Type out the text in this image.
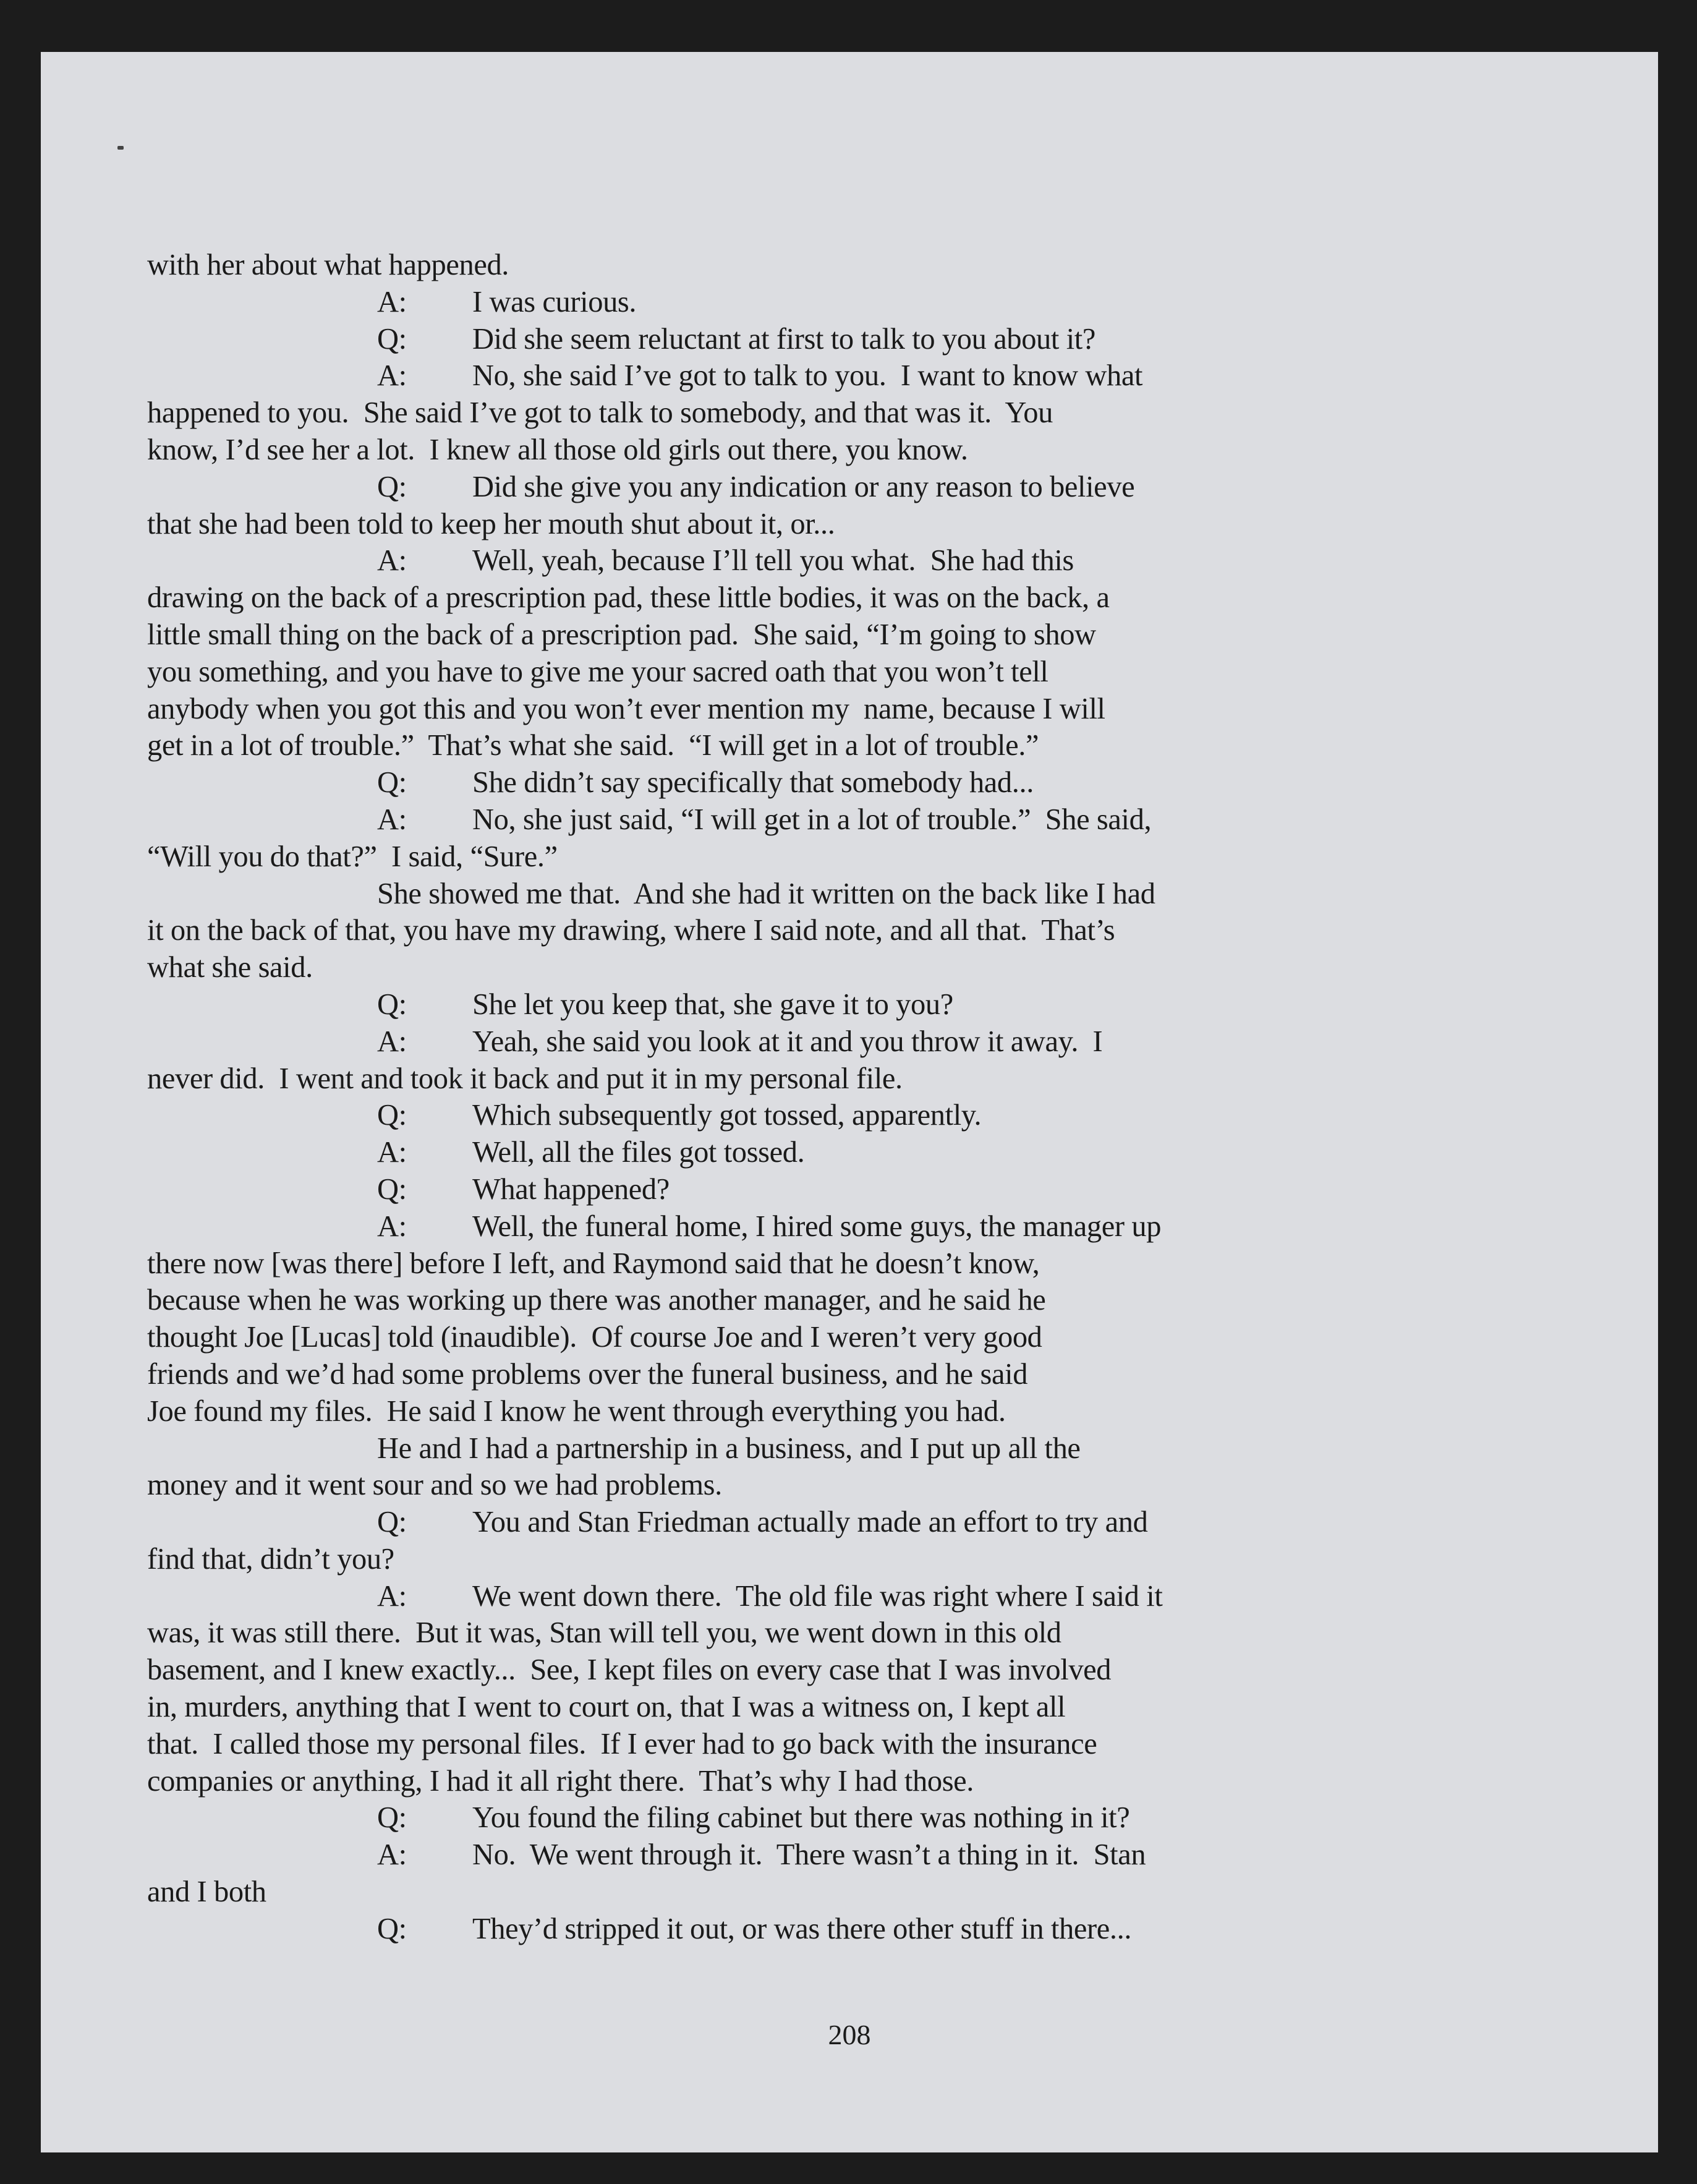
with her about what happened.
A: I was curious.
Q: Did she seem reluctant at first to talk to you about it?
A: No, she said I’ve got to talk to you.  I want to know what
happened to you.  She said I’ve got to talk to somebody, and that was it.  You
know, I’d see her a lot.  I knew all those old girls out there, you know.
Q: Did she give you any indication or any reason to believe
that she had been told to keep her mouth shut about it, or...
A: Well, yeah, because I’ll tell you what.  She had this
drawing on the back of a prescription pad, these little bodies, it was on the back, a
little small thing on the back of a prescription pad.  She said, “I’m going to show
you something, and you have to give me your sacred oath that you won’t tell
anybody when you got this and you won’t ever mention my  name, because I will
get in a lot of trouble.”  That’s what she said.  “I will get in a lot of trouble.”
Q: She didn’t say specifically that somebody had...
A: No, she just said, “I will get in a lot of trouble.”  She said,
“Will you do that?”  I said, “Sure.”
She showed me that.  And she had it written on the back like I had
it on the back of that, you have my drawing, where I said note, and all that.  That’s
what she said.
Q: She let you keep that, she gave it to you?
A: Yeah, she said you look at it and you throw it away.  I
never did.  I went and took it back and put it in my personal file.
Q: Which subsequently got tossed, apparently.
A: Well, all the files got tossed.
Q: What happened?
A: Well, the funeral home, I hired some guys, the manager up
there now [was there] before I left, and Raymond said that he doesn’t know,
because when he was working up there was another manager, and he said he
thought Joe [Lucas] told (inaudible).  Of course Joe and I weren’t very good
friends and we’d had some problems over the funeral business, and he said
Joe found my files.  He said I know he went through everything you had.
He and I had a partnership in a business, and I put up all the
money and it went sour and so we had problems.
Q: You and Stan Friedman actually made an effort to try and
find that, didn’t you?
A: We went down there.  The old file was right where I said it
was, it was still there.  But it was, Stan will tell you, we went down in this old
basement, and I knew exactly...  See, I kept files on every case that I was involved
in, murders, anything that I went to court on, that I was a witness on, I kept all
that.  I called those my personal files.  If I ever had to go back with the insurance
companies or anything, I had it all right there.  That’s why I had those.
Q: You found the filing cabinet but there was nothing in it?
A: No.  We went through it.  There wasn’t a thing in it.  Stan
and I both
Q: They’d stripped it out, or was there other stuff in there...
208
